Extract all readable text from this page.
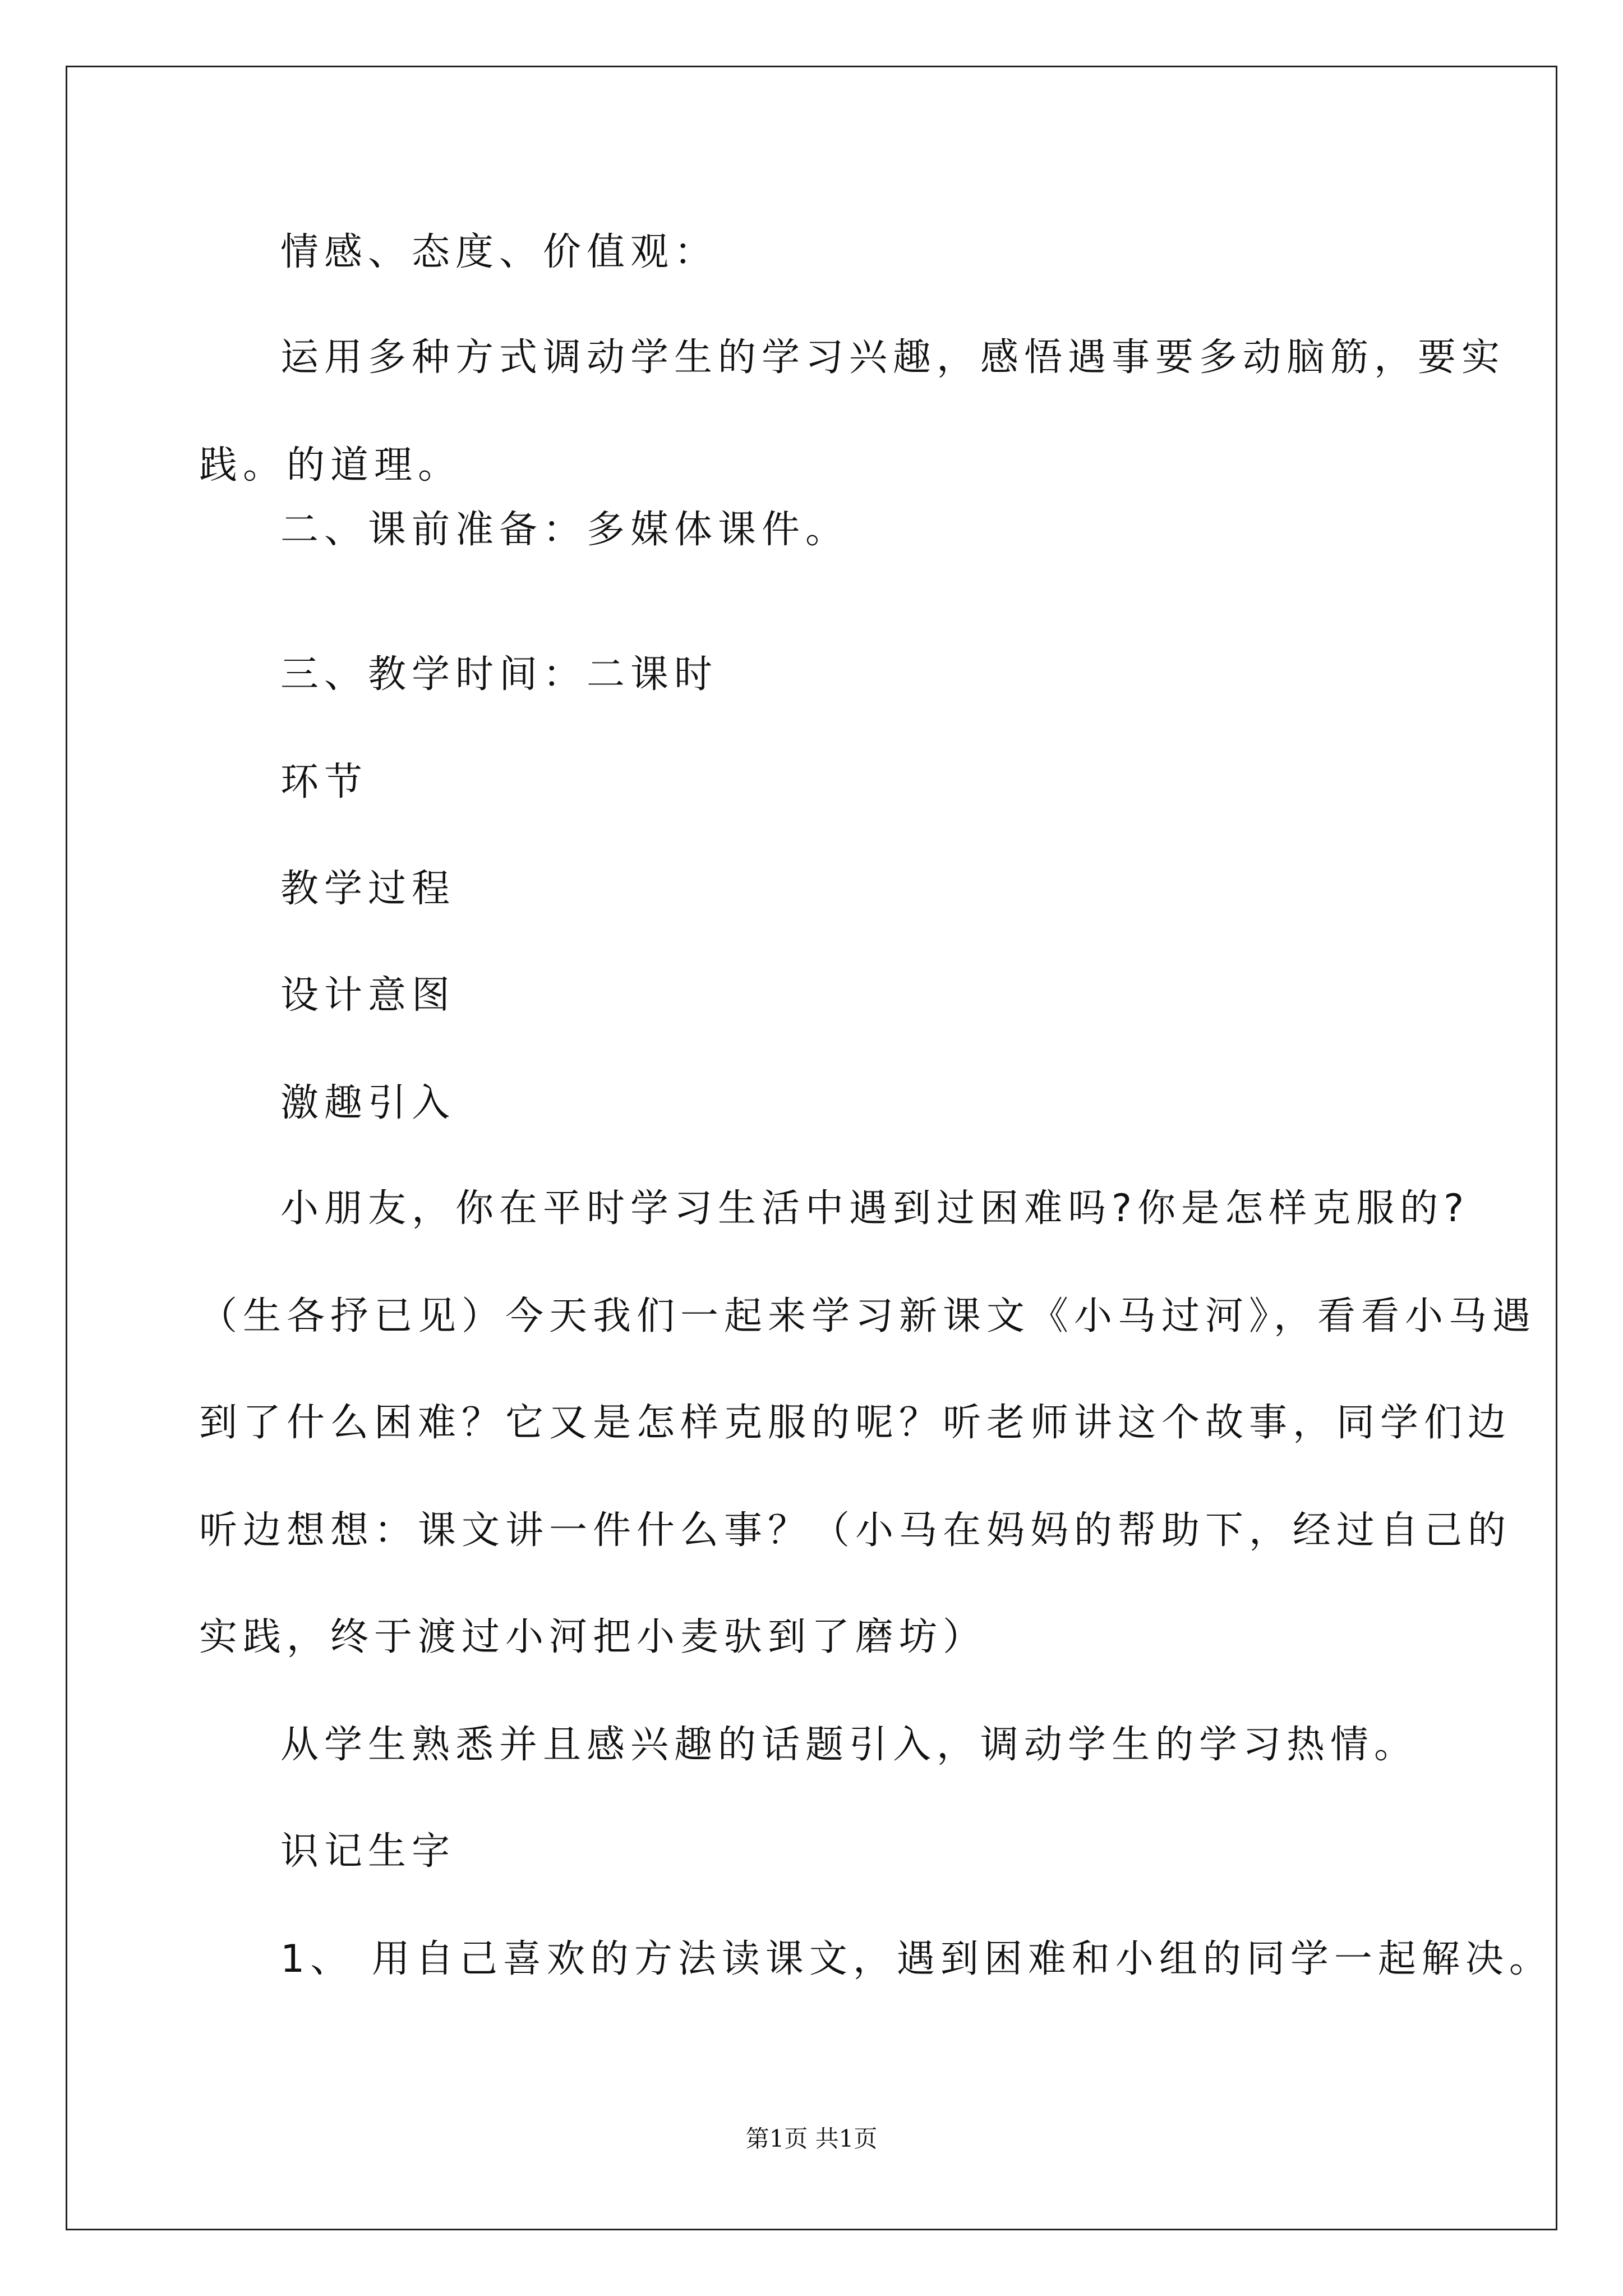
情感、态度、价值观：
运用多种方式调动学生的学习兴趣，感悟遇事要多动脑筋，要实
践。的道理。
二、课前准备：多媒体课件。
三、教学时间：二课时
环节
教学过程
设计意图
激趣引入
小朋友，你在平时学习生活中遇到过困难吗?你是怎样克服的?
（生各抒已见）今天我们一起来学习新课文《小马过河》，看看小马遇
到了什么困难？它又是怎样克服的呢？听老师讲这个故事，同学们边
听边想想：课文讲一件什么事？（小马在妈妈的帮助下，经过自己的
实践，终于渡过小河把小麦驮到了磨坊）
从学生熟悉并且感兴趣的话题引入，调动学生的学习热情。
识记生字
1、 用自己喜欢的方法读课文，遇到困难和小组的同学一起解决。
第1页 共1页
